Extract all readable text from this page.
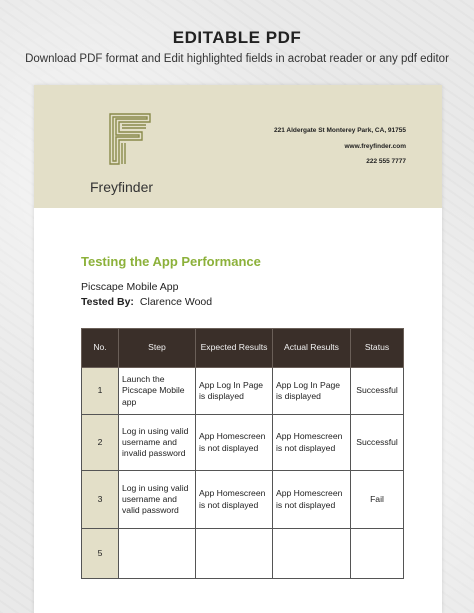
EDITABLE PDF
Download PDF format and Edit highlighted fields in acrobat reader or any pdf editor
Freyfinder
221 Aldergate St Monterey Park, CA, 91755
www.freyfinder.com
222 555 7777
Testing the App Performance
Picscape Mobile App
Tested By: Clarence Wood
No.	Step	Expected Results	Actual Results	Status
1	Launch the Picscape Mobile app	App Log In Page is displayed	App Log In Page is displayed	Successful
2	Log in using valid username and invalid password	App Homescreen is not displayed	App Homescreen is not displayed	Successful
3	Log in using valid username and valid password	App Homescreen is not displayed	App Homescreen is not displayed	Fail
5				
